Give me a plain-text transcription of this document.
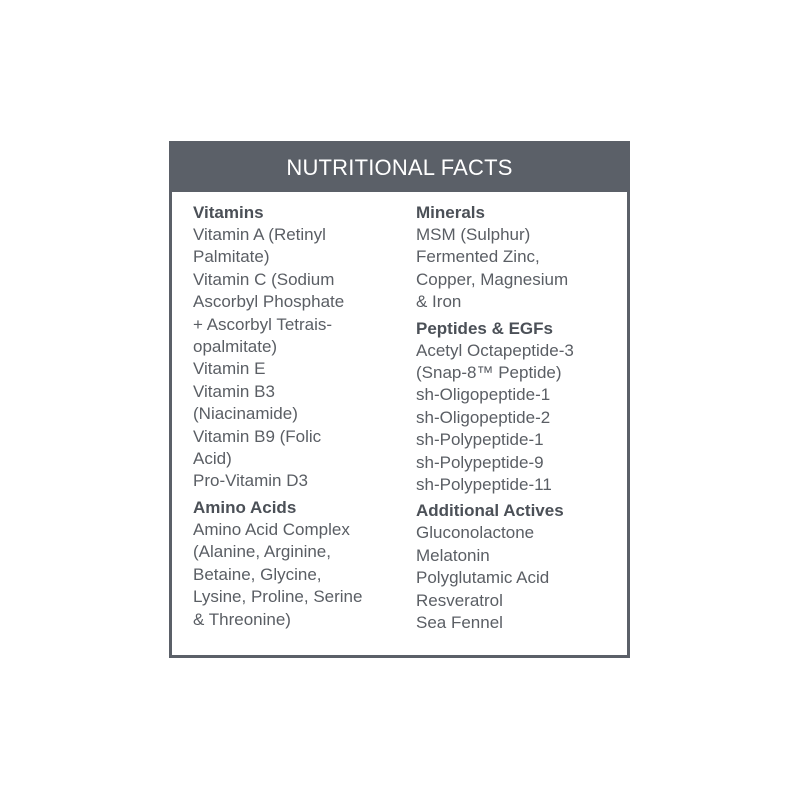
NUTRITIONAL FACTS
Vitamins
Vitamin A (Retinyl
Palmitate)
Vitamin C (Sodium
Ascorbyl Phosphate
+ Ascorbyl Tetrais-
opalmitate)
Vitamin E
Vitamin B3
(Niacinamide)
Vitamin B9 (Folic
Acid)
Pro-Vitamin D3
Amino Acids
Amino Acid Complex
(Alanine, Arginine,
Betaine, Glycine,
Lysine, Proline, Serine
& Threonine)
Minerals
MSM (Sulphur)
Fermented Zinc,
Copper, Magnesium
& Iron
Peptides & EGFs
Acetyl Octapeptide-3
(Snap-8™ Peptide)
sh-Oligopeptide-1
sh-Oligopeptide-2
sh-Polypeptide-1
sh-Polypeptide-9
sh-Polypeptide-11
Additional Actives
Gluconolactone
Melatonin
Polyglutamic Acid
Resveratrol
Sea Fennel
